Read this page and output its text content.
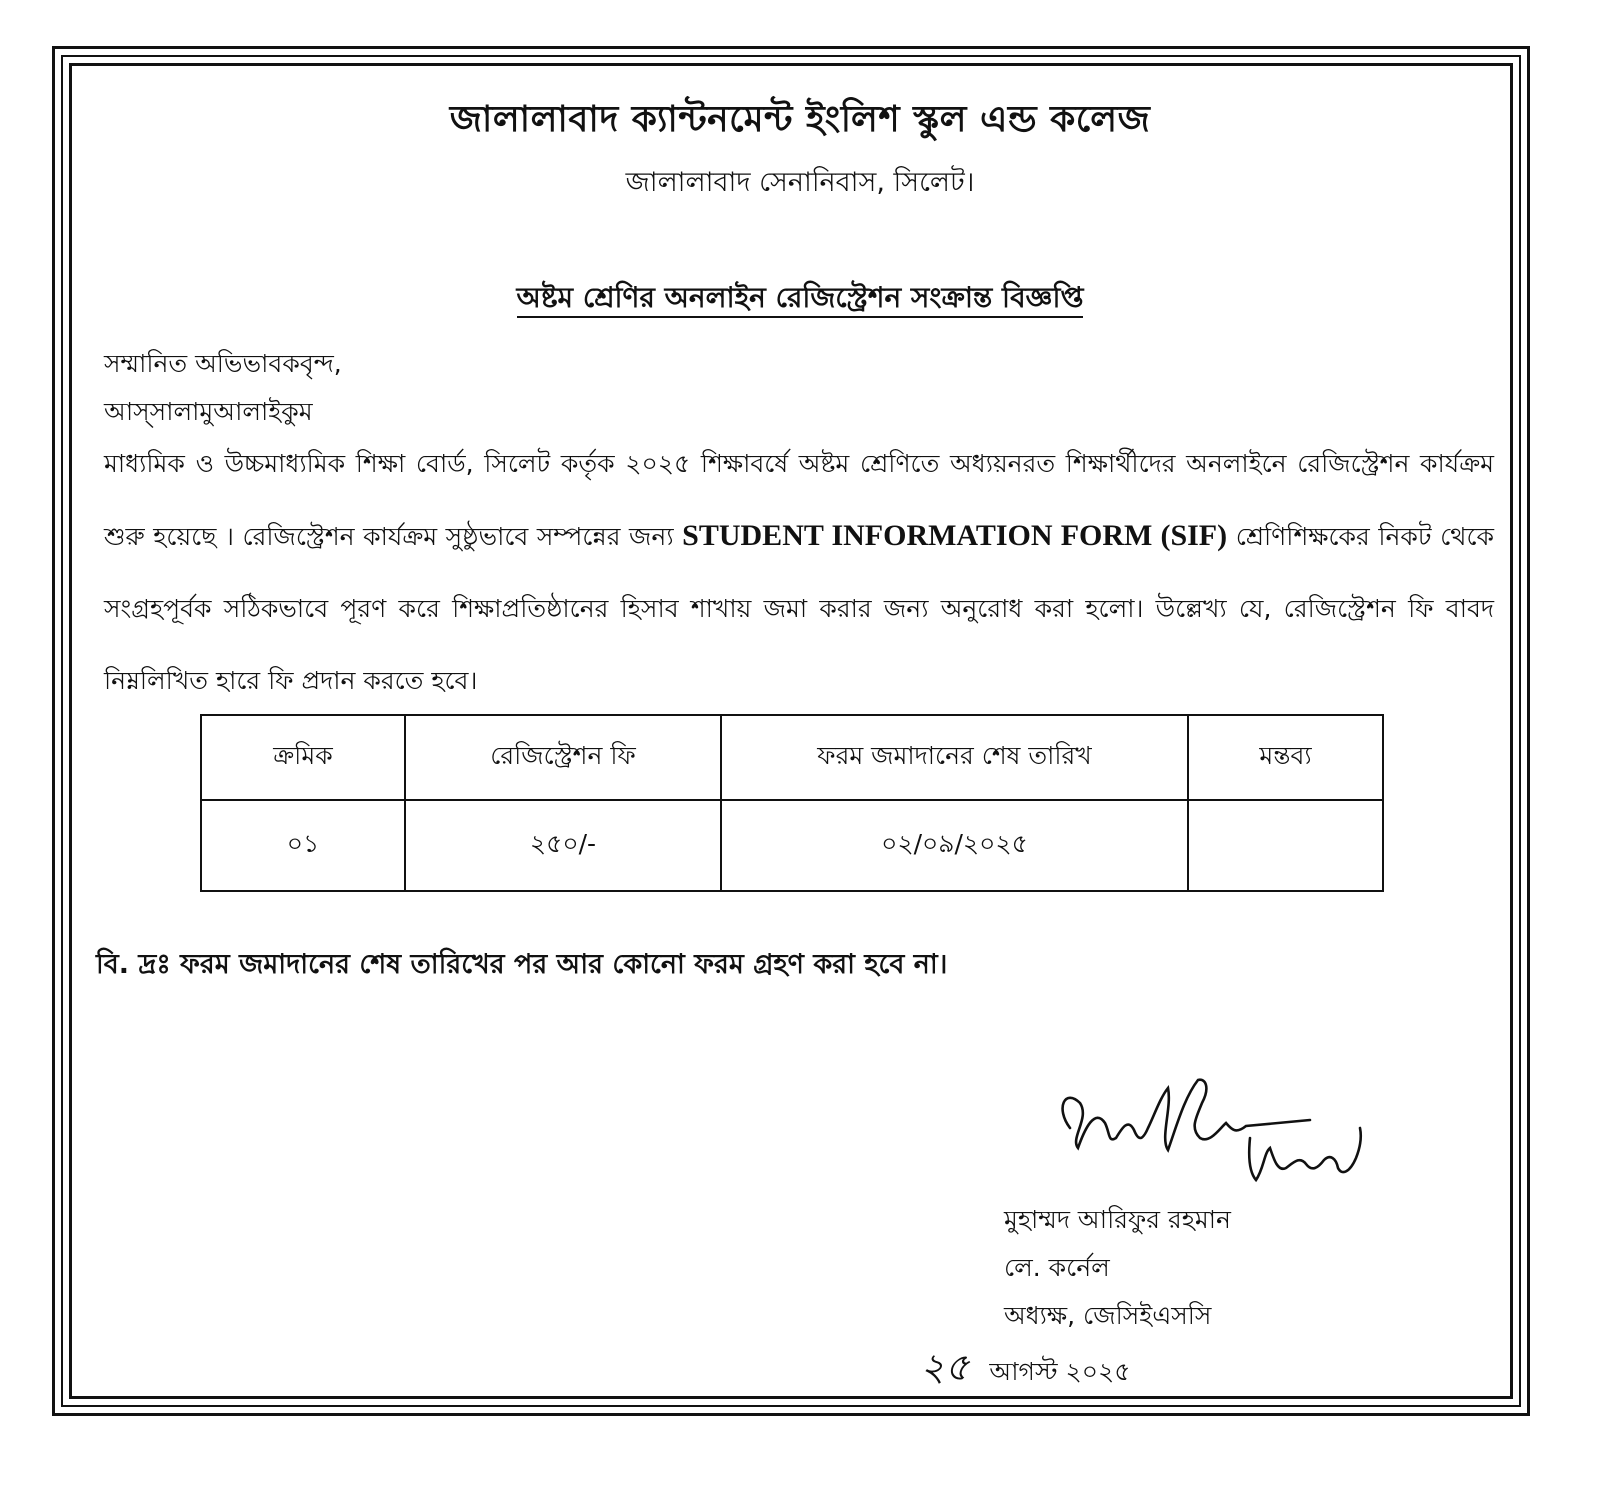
জালালাবাদ ক্যান্টনমেন্ট ইংলিশ স্কুল এন্ড কলেজ
জালালাবাদ সেনানিবাস, সিলেট।
অষ্টম শ্রেণির অনলাইন রেজিস্ট্রেশন সংক্রান্ত বিজ্ঞপ্তি
সম্মানিত অভিভাবকবৃন্দ,
আস্সালামুআলাইকুম
মাধ্যমিক ও উচ্চমাধ্যমিক শিক্ষা বোর্ড, সিলেট কর্তৃক ২০২৫ শিক্ষাবর্ষে অষ্টম শ্রেণিতে অধ্যয়নরত শিক্ষার্থীদের অনলাইনে রেজিস্ট্রেশন কার্যক্রম শুরু হয়েছে । রেজিস্ট্রেশন কার্যক্রম সুষ্ঠুভাবে সম্পন্নের জন্য STUDENT INFORMATION FORM (SIF) শ্রেণিশিক্ষকের নিকট থেকে সংগ্রহপূর্বক সঠিকভাবে পূরণ করে শিক্ষাপ্রতিষ্ঠানের হিসাব শাখায় জমা করার জন্য অনুরোধ করা হলো। উল্লেখ্য যে, রেজিস্ট্রেশন ফি বাবদ নিম্নলিখিত হারে ফি প্রদান করতে হবে।
ক্রমিক	রেজিস্ট্রেশন ফি	ফরম জমাদানের শেষ তারিখ	মন্তব্য
০১	২৫০/-	০২/০৯/২০২৫	
বি. দ্রঃ ফরম জমাদানের শেষ তারিখের পর আর কোনো ফরম গ্রহণ করা হবে না।
মুহাম্মদ আরিফুর রহমান
লে. কর্নেল
অধ্যক্ষ, জেসিইএসসি
২৫ আগস্ট ২০২৫
